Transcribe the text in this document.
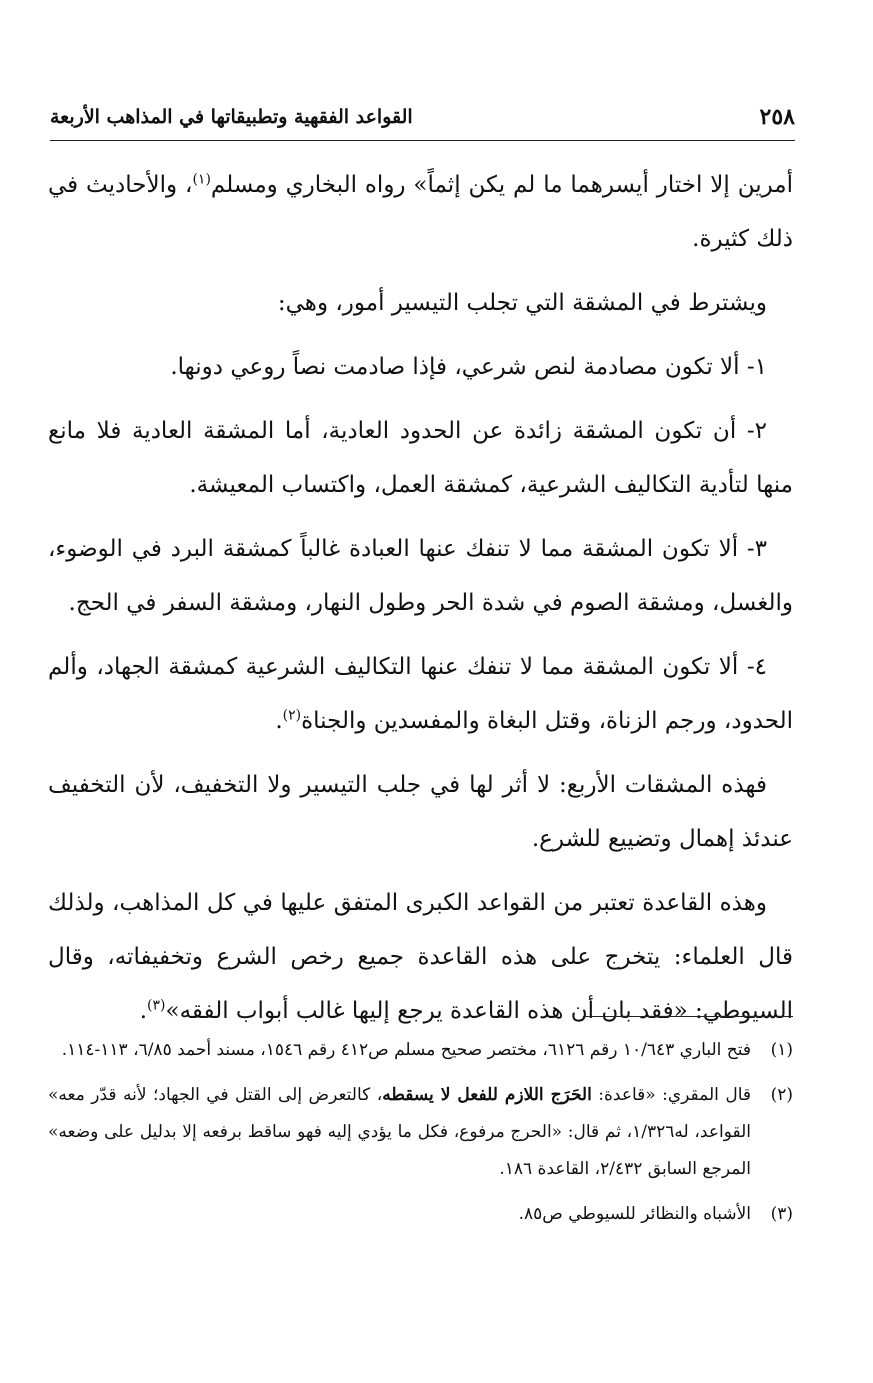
٢٥٨
القواعد الفقهية وتطبيقاتها في المذاهب الأربعة

أمرين إلا اختار أيسرهما ما لم يكن إثماً» رواه البخاري ومسلم$^{(١)}$، والأحاديث في ذلك كثيرة.

ويشترط في المشقة التي تجلب التيسير أمور، وهي:

١- ألا تكون مصادمة لنص شرعي، فإذا صادمت نصاً روعي دونها.

٢- أن تكون المشقة زائدة عن الحدود العادية، أما المشقة العادية فلا مانع منها لتأدية التكاليف الشرعية، كمشقة العمل، واكتساب المعيشة.

٣- ألا تكون المشقة مما لا تنفك عنها العبادة غالباً كمشقة البرد في الوضوء، والغسل، ومشقة الصوم في شدة الحر وطول النهار، ومشقة السفر في الحج.

٤- ألا تكون المشقة مما لا تنفك عنها التكاليف الشرعية كمشقة الجهاد، وألم الحدود، ورجم الزناة، وقتل البغاة والمفسدين والجناة$^{(٢)}$.

فهذه المشقات الأربع: لا أثر لها في جلب التيسير ولا التخفيف، لأن التخفيف عندئذ إهمال وتضييع للشرع.

وهذه القاعدة تعتبر من القواعد الكبرى المتفق عليها في كل المذاهب، ولذلك قال العلماء: يتخرج على هذه القاعدة جميع رخص الشرع وتخفيفاته، وقال السيوطي: «فقد بان أن هذه القاعدة يرجع إليها غالب أبواب الفقه»$^{(٣)}$.

(١)
فتح الباري ١٠/٦٤٣ رقم ٦١٢٦، مختصر صحيح مسلم ص٤١٢ رقم ١٥٤٦، مسند أحمد ٦/٨٥، ١١٣-١١٤.
(٢)
قال المقري: «قاعدة: الحَرَج اللازم للفعل لا يسقطه، كالتعرض إلى القتل في الجهاد؛ لأنه قدّر معه» القواعد، له١/٣٢٦، ثم قال: «الحرج مرفوع، فكل ما يؤدي إليه فهو ساقط برفعه إلا بدليل على وضعه» المرجع السابق ٢/٤٣٢، القاعدة ١٨٦.
(٣)
الأشباه والنظائر للسيوطي ص٨٥.
